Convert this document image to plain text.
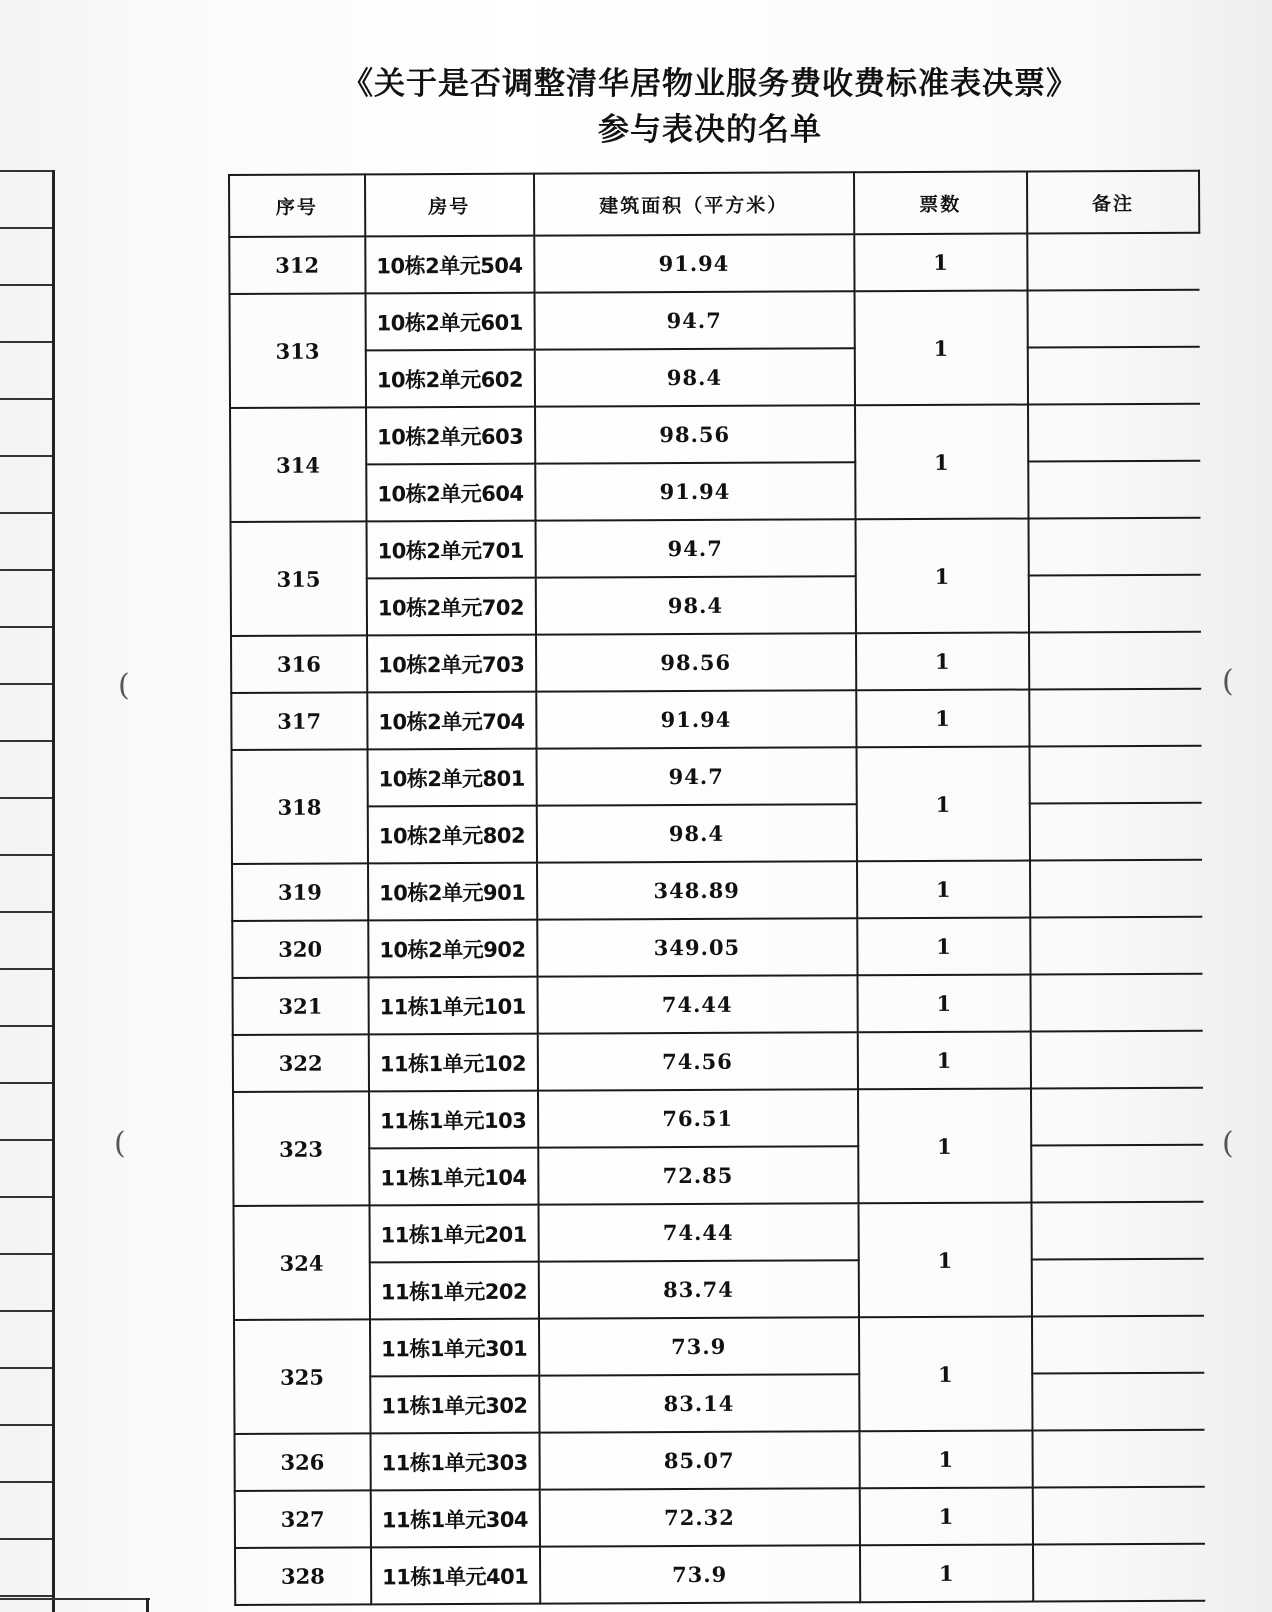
《关于是否调整清华居物业服务费收费标准表决票》
参与表决的名单
序号	房号	建筑面积（平方米）	票数	备注
312	10栋2单元504	91.94	1	
313	10栋2单元601	94.7	1	
	10栋2单元602	98.4		
314	10栋2单元603	98.56	1	
	10栋2单元604	91.94		
315	10栋2单元701	94.7	1	
	10栋2单元702	98.4		
316	10栋2单元703	98.56	1	
317	10栋2单元704	91.94	1	
318	10栋2单元801	94.7	1	
	10栋2单元802	98.4		
319	10栋2单元901	348.89	1	
320	10栋2单元902	349.05	1	
321	11栋1单元101	74.44	1	
322	11栋1单元102	74.56	1	
323	11栋1单元103	76.51	1	
	11栋1单元104	72.85		
324	11栋1单元201	74.44	1	
	11栋1单元202	83.74		
325	11栋1单元301	73.9	1	
	11栋1单元302	83.14		
326	11栋1单元303	85.07	1	
327	11栋1单元304	72.32	1	
328	11栋1单元401	73.9	1	
(
(
(
(
